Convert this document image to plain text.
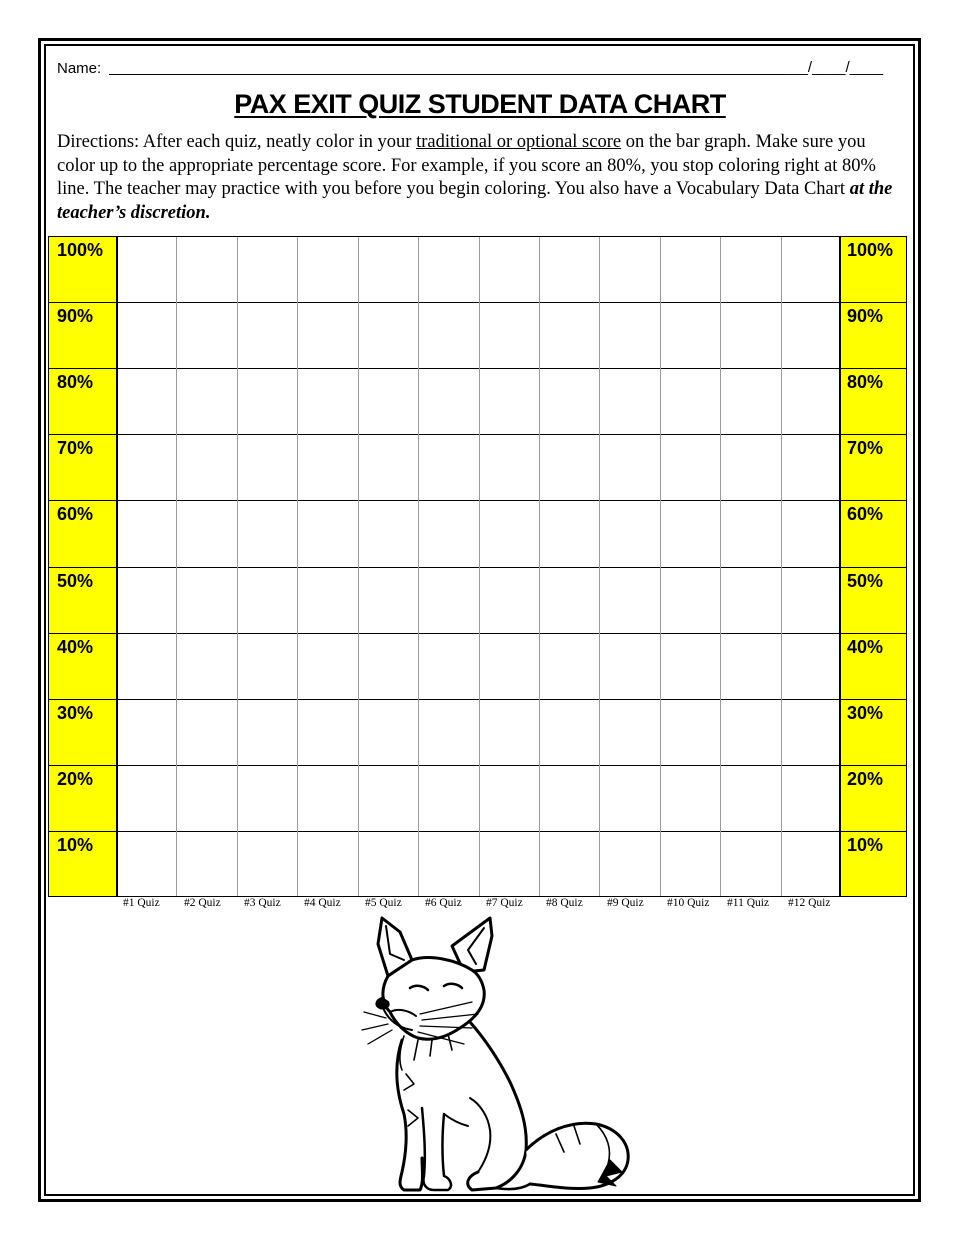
Name:	____/____/____
PAX EXIT QUIZ STUDENT DATA CHART
Directions: After each quiz, neatly color in your traditional or optional score on the bar graph. Make sure you color up to the appropriate percentage score. For example, if you score an 80%, you stop coloring right at 80% line. The teacher may practice with you before you begin coloring. You also have a Vocabulary Data Chart at the teacher’s discretion.
100%	100%
90%	90%
80%	80%
70%	70%
60%	60%
50%	50%
40%	40%
30%	30%
20%	20%
10%	10%
#1 Quiz #2 Quiz #3 Quiz #4 Quiz #5 Quiz #6 Quiz #7 Quiz #8 Quiz #9 Quiz #10 Quiz #11 Quiz #12 Quiz
